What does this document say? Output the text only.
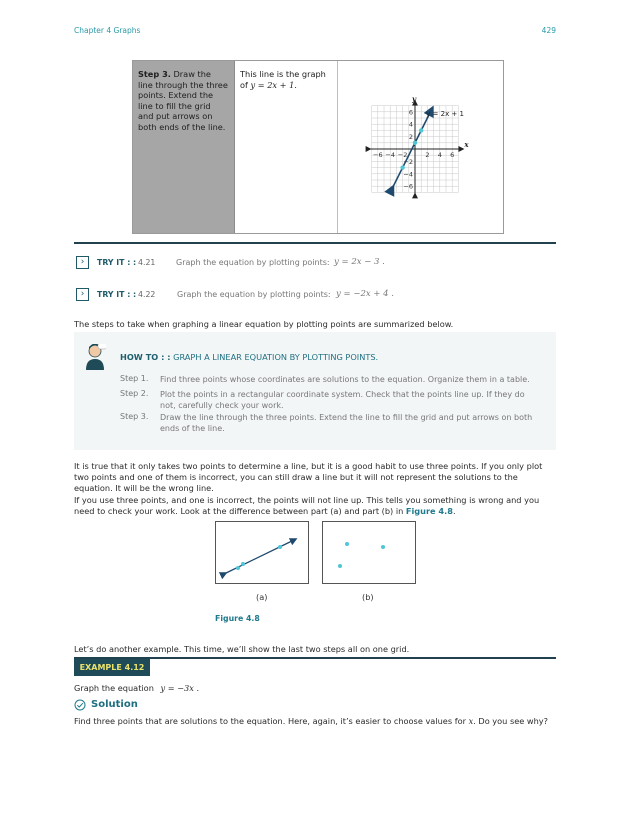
Chapter 4 Graphs	429

Step 3. Draw the line through the three points. Extend the line to fill the grid and put arrows on both ends of the line.

This line is the graph of y = 2x + 1.

x
y
−6 −4 −2	2 4 6
6
4
2
−2
−4
−6
y = 2x + 1
›	TRY IT : : 4.21	Graph the equation by plotting points: y = 2x − 3 .
›	TRY IT : : 4.22	Graph the equation by plotting points: y = −2x + 4 .
The steps to take when graphing a linear equation by plotting points are summarized below.
HOW TO : : GRAPH A LINEAR EQUATION BY PLOTTING POINTS.
Step 1. Find three points whose coordinates are solutions to the equation. Organize them in a table.
Step 2. Plot the points in a rectangular coordinate system. Check that the points line up. If they do not, carefully check your work.
Step 3. Draw the line through the three points. Extend the line to fill the grid and put arrows on both ends of the line.
It is true that it only takes two points to determine a line, but it is a good habit to use three points. If you only plot two points and one of them is incorrect, you can still draw a line but it will not represent the solutions to the equation. It will be the wrong line.
If you use three points, and one is incorrect, the points will not line up. This tells you something is wrong and you need to check your work. Look at the difference between part (a) and part (b) in Figure 4.8.
(a)	(b)
Figure 4.8
Let’s do another example. This time, we’ll show the last two steps all on one grid.
EXAMPLE 4.12
Graph the equation y = −3x .
Solution
Find three points that are solutions to the equation. Here, again, it’s easier to choose values for x. Do you see why?
